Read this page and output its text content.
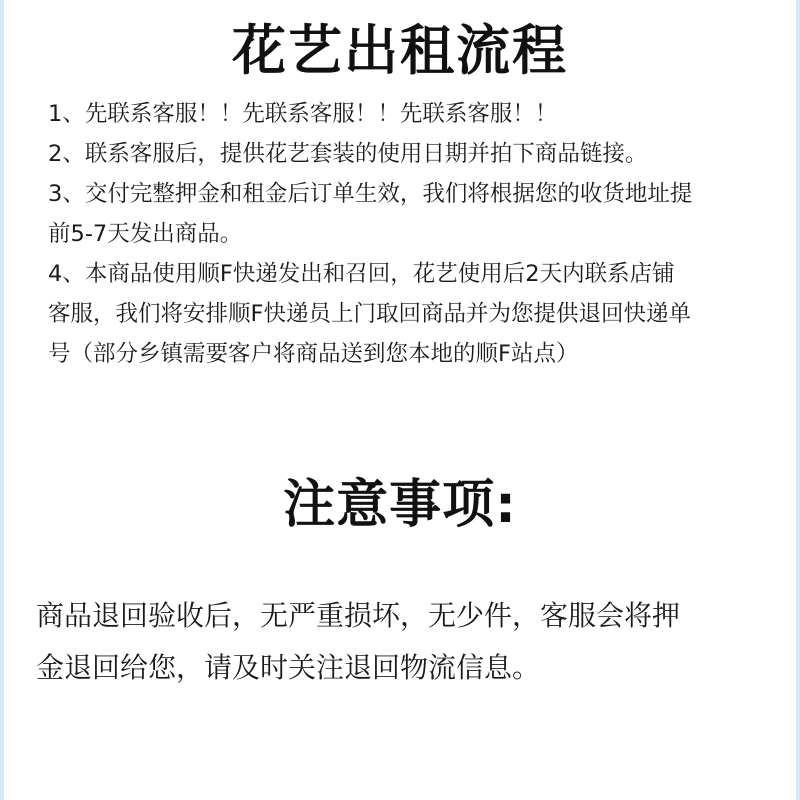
花艺出租流程

1、先联系客服！！先联系客服！！先联系客服！！

2、联系客服后，提供花艺套装的使用日期并拍下商品链接。

3、交付完整押金和租金后订单生效，我们将根据您的收货地址提

前5-7天发出商品。

4、本商品使用顺F快递发出和召回，花艺使用后2天内联系店铺

客服，我们将安排顺F快递员上门取回商品并为您提供退回快递单

号（部分乡镇需要客户将商品送到您本地的顺F站点）

注意事项:

商品退回验收后，无严重损坏，无少件，客服会将押

金退回给您，请及时关注退回物流信息。
